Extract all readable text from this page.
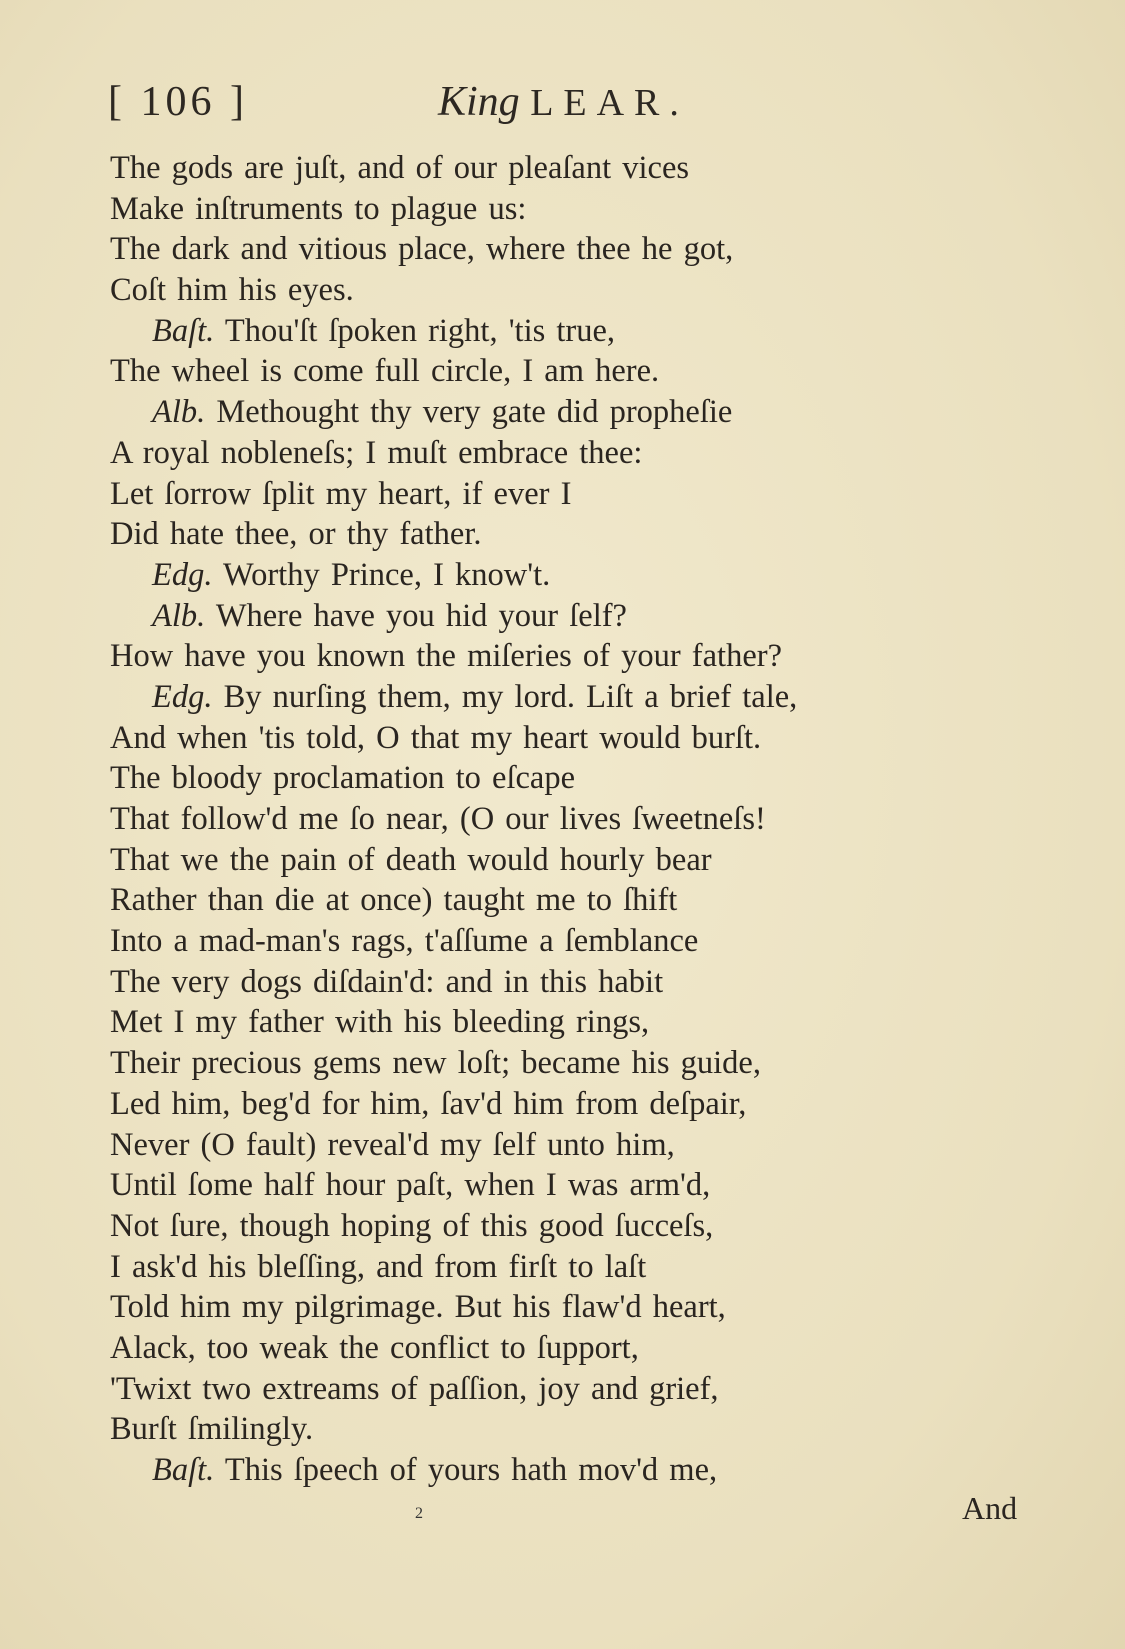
[ 106 ]	King LEAR.
The gods are juſt, and of our pleaſant vices
Make inſtruments to plague us:
The dark and vitious place, where thee he got,
Coſt him his eyes.
Baſt. Thou'ſt ſpoken right, 'tis true,
The wheel is come full circle, I am here.
Alb. Methought thy very gate did propheſie
A royal nobleneſs; I muſt embrace thee:
Let ſorrow ſplit my heart, if ever I
Did hate thee, or thy father.
Edg. Worthy Prince, I know't.
Alb. Where have you hid your ſelf?
How have you known the miſeries of your father?
Edg. By nurſing them, my lord. Liſt a brief tale,
And when 'tis told, O that my heart would burſt.
The bloody proclamation to eſcape
That follow'd me ſo near, (O our lives ſweetneſs!
That we the pain of death would hourly bear
Rather than die at once) taught me to ſhift
Into a mad-man's rags, t'aſſume a ſemblance
The very dogs diſdain'd: and in this habit
Met I my father with his bleeding rings,
Their precious gems new loſt; became his guide,
Led him, beg'd for him, ſav'd him from deſpair,
Never (O fault) reveal'd my ſelf unto him,
Until ſome half hour paſt, when I was arm'd,
Not ſure, though hoping of this good ſucceſs,
I ask'd his bleſſing, and from firſt to laſt
Told him my pilgrimage. But his flaw'd heart,
Alack, too weak the conflict to ſupport,
'Twixt two extreams of paſſion, joy and grief,
Burſt ſmilingly.
Baſt. This ſpeech of yours hath mov'd me,
2	And
